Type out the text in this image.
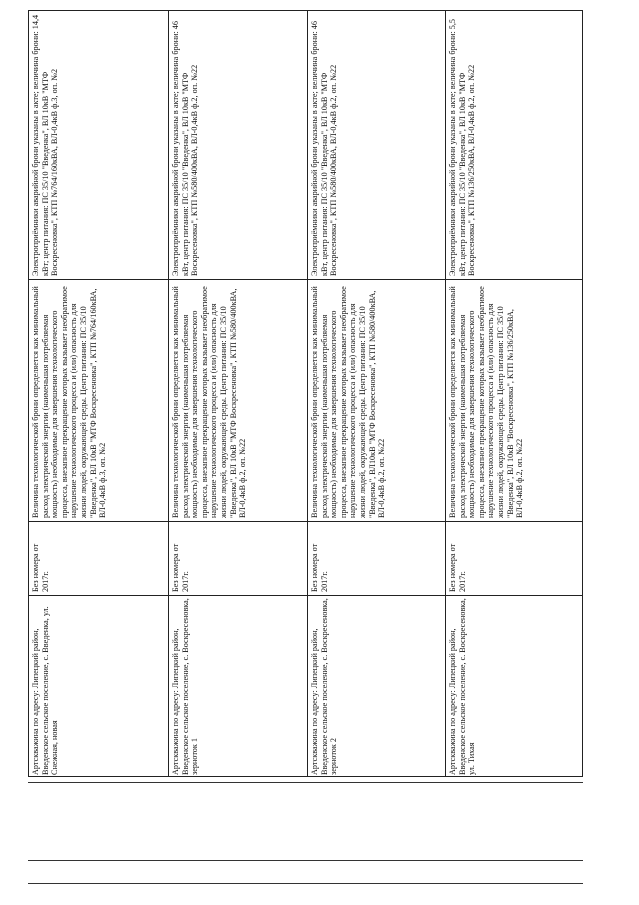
Электроприёмники аварийной брони указаны в акте; величина брони: 14,4 кВт; центр питания: ПС 35/10 "Введенка", ВЛ 10кВ "МТФ Воскресеновка", КТП №764/160кВА, ВЛ-0,4кВ ф.3, оп. №2
Величина технологической брони определяется как минимальный расход электрической энергии (наименьшая потребляемая мощность) необходимые для завершения технологического процесса, внезапное прекращение которых вызывает необратимое нарушение технологического процесса и (или) опасность для жизни людей, окружающей среды. Центр питания: ПС 35/10 "Введенка", ВЛ 10кВ "МТФ Воскресеновка", КТП №764/160кВА, ВЛ-0,4кВ ф.3, оп. №2
Без номера от 2017г.
Артскважина по адресу: Липецкий район, Введенское сельское поселение, с. Введенка, ул. Снежная, новая
Электроприёмники аварийной брони указаны в акте; величина брони: 46 кВт, центр питания: ПС 35/10 "Введенка", ВЛ 10кВ "МТФ Воскресеновка", КТП №580/400кВА, ВЛ-0,4кВ ф.2, оп. №22
Величина технологической брони определяется как минимальный расход электрической энергии (наименьшая потребляемая мощность) необходимые для завершения технологического процесса, внезапное прекращение которых вызывает необратимое нарушение технологического процесса и (или) опасность для жизни людей, окружающей среды. Центр питания: ПС 35/10 "Введенка", ВЛ 10кВ "МТФ Воскресеновка", КТП №580/400кВА, ВЛ-0,4кВ ф.2, оп. №22
Без номера от 2017г.
Артскважина по адресу: Липецкий район, Введенское сельское поселение, с. Воскресеновка, зерноток 1
Электроприёмники аварийной брони указаны в акте; величина брони: 46 кВт, центр питания: ПС 35/10 "Введенка", ВЛ 10кВ "МТФ Воскресеновка", КТП №580/400кВА, ВЛ-0,4кВ ф.2, оп. №22
Величина технологической брони определяется как минимальный расход электрической энергии (наименьшая потребляемая мощность) необходимые для завершения технологического процесса, внезапное прекращение которых вызывает необратимое нарушение технологического процесса и (или) опасность для жизни людей, окружающей среды. Центр питания: ПС 35/10 "Введенка", ВЛ10кВ "МТФ Воскресеновка", КТП №580/400кВА, ВЛ-0,4кВ ф.2, оп. №22
Без номера от 2017г.
Артскважина по адресу: Липецкий район, Введенское сельское поселение, с. Воскресеновка, зерноток 2
Электроприёмники аварийной брони указаны в акте; величина брони: 5,5 кВт, центр питания: ПС 35/10 "Введенка", ВЛ 10кВ "МТФ Воскресеновка", КТП №136/250кВА, ВЛ-0,4кВ ф.2, оп. №22
Величина технологической брони определяется как минимальный расход электрической энергии (наименьшая потребляемая мощность) необходимые для завершения технологического процесса, внезапное прекращение которых вызывает необратимое нарушение технологического процесса и (или) опасность для жизни людей, окружающей среды. Центр питания: ПС 35/10 "Введенка", ВЛ 10кВ "Воскресеновка", КТП №136/250кВА, ВЛ-0,4кВ ф.2, оп. №22
Без номера от 2017г.
Артскважина по адресу: Липецкий район, Введенское сельское поселение, с. Воскресеновка, ул. Тихая
